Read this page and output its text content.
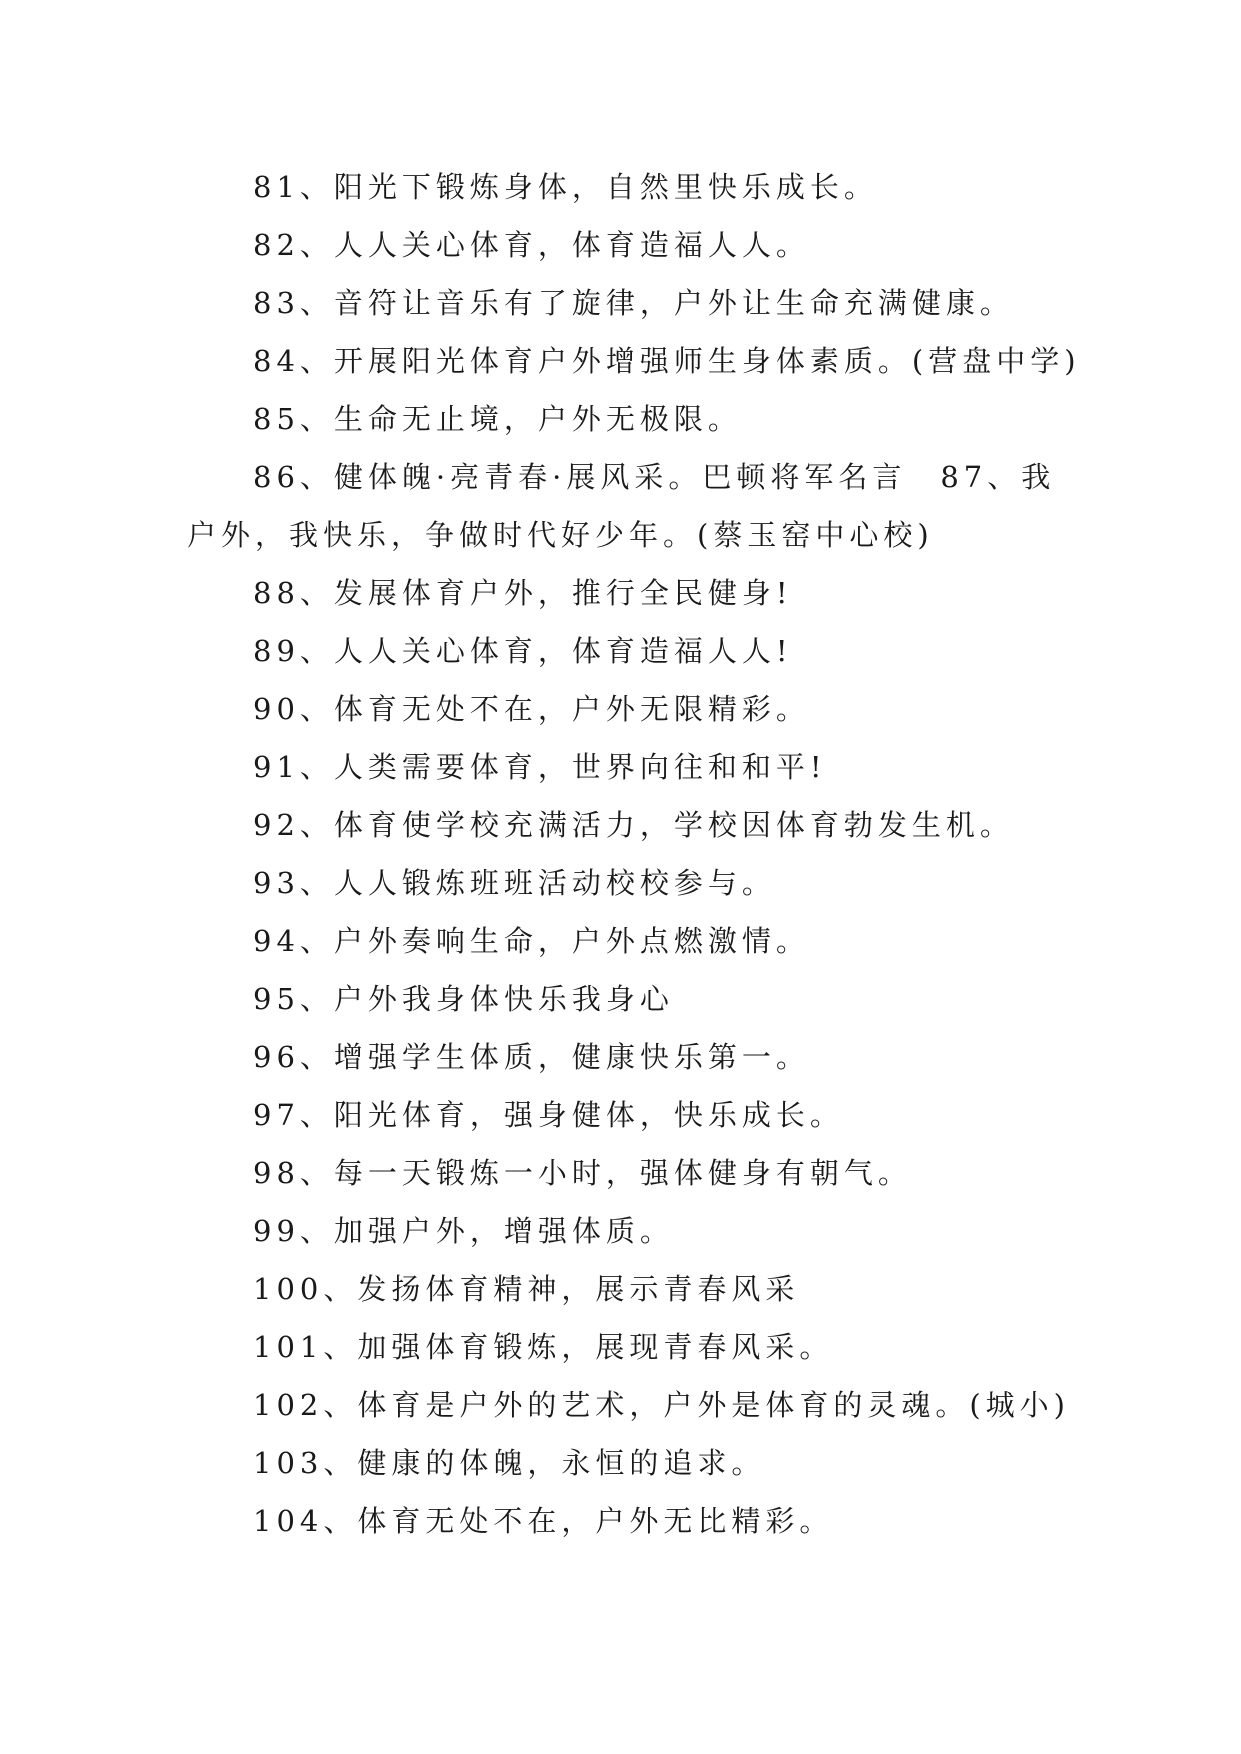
81、阳光下锻炼身体，自然里快乐成长。
82、人人关心体育，体育造福人人。
83、音符让音乐有了旋律，户外让生命充满健康。
84、开展阳光体育户外增强师生身体素质。(营盘中学)
85、生命无止境，户外无极限。
86、健体魄·亮青春·展风采。巴顿将军名言　87、我
户外，我快乐，争做时代好少年。(蔡玉窑中心校)
88、发展体育户外，推行全民健身!
89、人人关心体育，体育造福人人!
90、体育无处不在，户外无限精彩。
91、人类需要体育，世界向往和和平!
92、体育使学校充满活力，学校因体育勃发生机。
93、人人锻炼班班活动校校参与。
94、户外奏响生命，户外点燃激情。
95、户外我身体快乐我身心
96、增强学生体质，健康快乐第一。
97、阳光体育，强身健体，快乐成长。
98、每一天锻炼一小时，强体健身有朝气。
99、加强户外，增强体质。
100、发扬体育精神，展示青春风采
101、加强体育锻炼，展现青春风采。
102、体育是户外的艺术，户外是体育的灵魂。(城小)
103、健康的体魄，永恒的追求。
104、体育无处不在，户外无比精彩。
